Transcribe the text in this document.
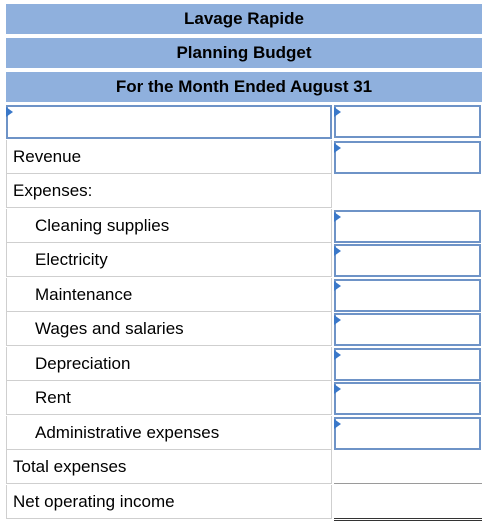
Lavage Rapide
Planning Budget
For the Month Ended August 31
Revenue
Expenses:
Cleaning supplies
Electricity
Maintenance
Wages and salaries
Depreciation
Rent
Administrative expenses
Total expenses
Net operating income
